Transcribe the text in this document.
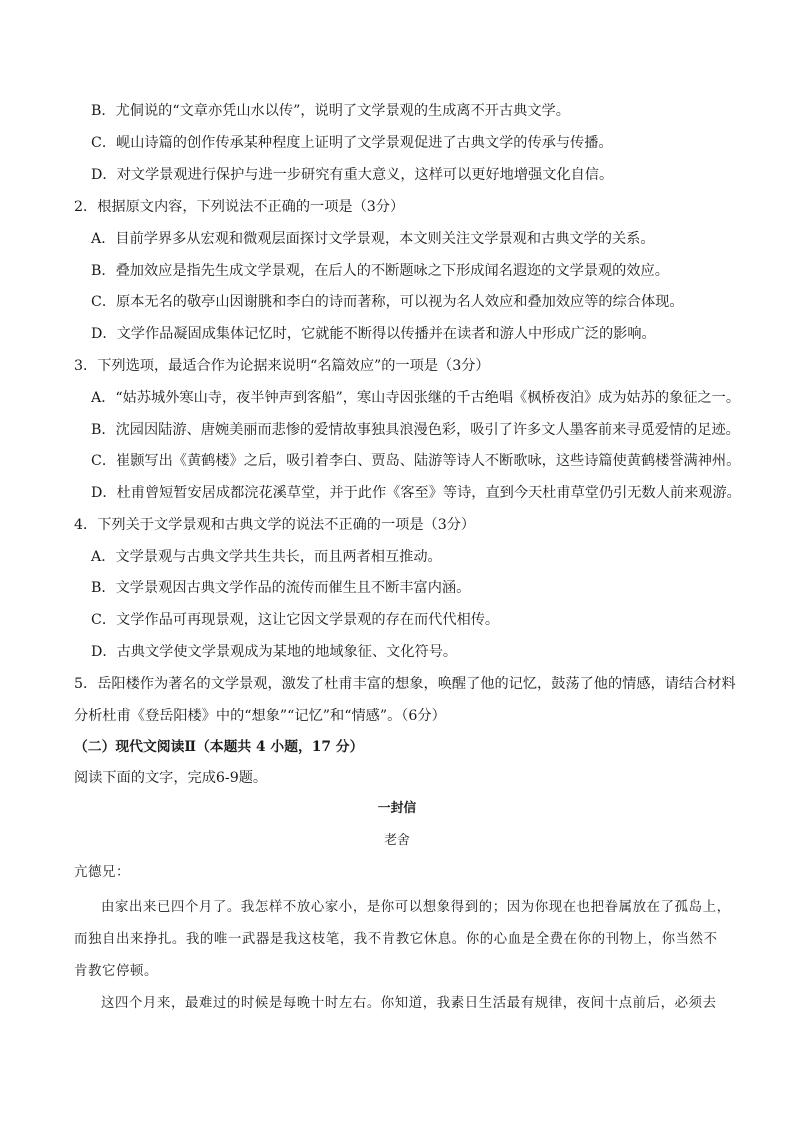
B．尤侗说的“文章亦凭山水以传”，说明了文学景观的生成离不开古典文学。
C．岘山诗篇的创作传承某种程度上证明了文学景观促进了古典文学的传承与传播。
D．对文学景观进行保护与进一步研究有重大意义，这样可以更好地增强文化自信。
2．根据原文内容，下列说法不正确的一项是（3分）
A．目前学界多从宏观和微观层面探讨文学景观，本文则关注文学景观和古典文学的关系。
B．叠加效应是指先生成文学景观，在后人的不断题咏之下形成闻名遐迩的文学景观的效应。
C．原本无名的敬亭山因谢朓和李白的诗而著称，可以视为名人效应和叠加效应等的综合体现。
D．文学作品凝固成集体记忆时，它就能不断得以传播并在读者和游人中形成广泛的影响。
3．下列选项，最适合作为论据来说明“名篇效应”的一项是（3分）
A．“姑苏城外寒山寺，夜半钟声到客船”，寒山寺因张继的千古绝唱《枫桥夜泊》成为姑苏的象征之一。
B．沈园因陆游、唐婉美丽而悲惨的爱情故事独具浪漫色彩，吸引了许多文人墨客前来寻觅爱情的足迹。
C．崔颢写出《黄鹤楼》之后，吸引着李白、贾岛、陆游等诗人不断歌咏，这些诗篇使黄鹤楼誉满神州。
D．杜甫曾短暂安居成都浣花溪草堂，并于此作《客至》等诗，直到今天杜甫草堂仍引无数人前来观游。
4．下列关于文学景观和古典文学的说法不正确的一项是（3分）
A．文学景观与古典文学共生共长，而且两者相互推动。
B．文学景观因古典文学作品的流传而催生且不断丰富内涵。
C．文学作品可再现景观，这让它因文学景观的存在而代代相传。
D．古典文学使文学景观成为某地的地域象征、文化符号。
5．岳阳楼作为著名的文学景观，激发了杜甫丰富的想象，唤醒了他的记忆，鼓荡了他的情感，请结合材料
分析杜甫《登岳阳楼》中的“想象”“记忆”和“情感”。（6分）
（二）现代文阅读Ⅱ（本题共 4 小题，17 分）
阅读下面的文字，完成6-9题。
一封信
老舍
亢德兄：
由家出来已四个月了。我怎样不放心家小，是你可以想象得到的；因为你现在也把眷属放在了孤岛上，
而独自出来挣扎。我的唯一武器是我这枝笔，我不肯教它休息。你的心血是全费在你的刊物上，你当然不
肯教它停顿。
这四个月来，最难过的时候是每晚十时左右。你知道，我素日生活最有规律，夜间十点前后，必须去
